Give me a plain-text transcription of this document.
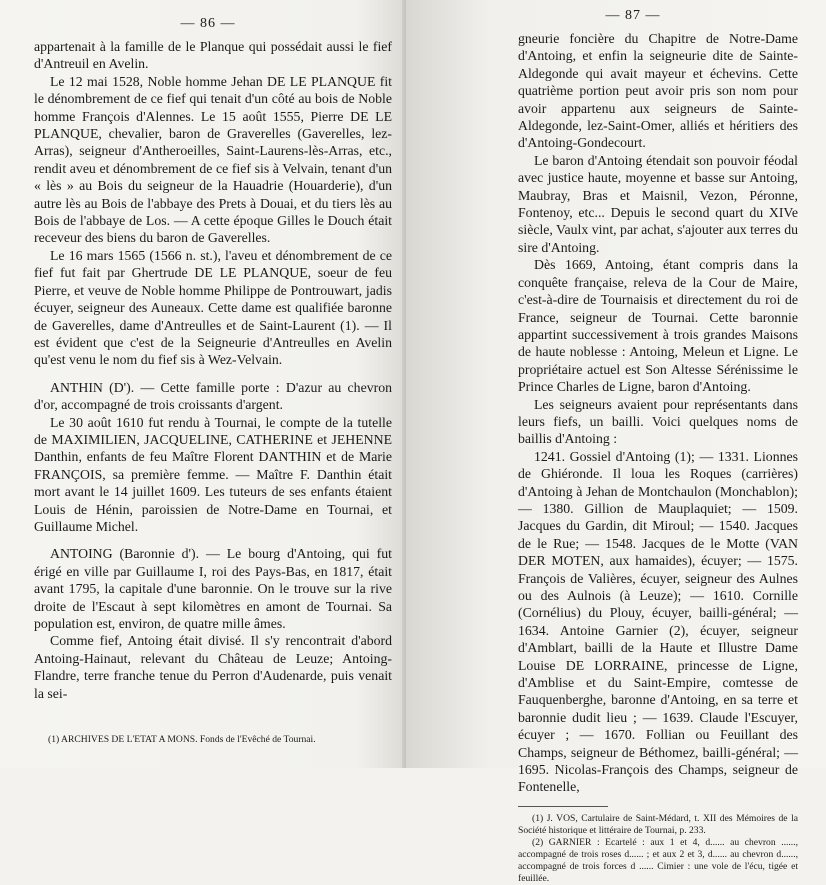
— 86 —

appartenait à la famille de le Planque qui possédait aussi le fief d'Antreuil en Avelin.

Le 12 mai 1528, Noble homme Jehan DE LE PLANQUE fit le dénombrement de ce fief qui tenait d'un côté au bois de Noble homme François d'Alennes. Le 15 août 1555, Pierre DE LE PLANQUE, chevalier, baron de Graverelles (Gaverelles, lez-Arras), seigneur d'Antheroeilles, Saint-Laurens-lès-Arras, etc., rendit aveu et dénombrement de ce fief sis à Velvain, tenant d'un « lès » au Bois du seigneur de la Hauadrie (Houarderie), d'un autre lès au Bois de l'abbaye des Prets à Douai, et du tiers lès au Bois de l'abbaye de Los. — A cette époque Gilles le Douch était receveur des biens du baron de Gaverelles.

Le 16 mars 1565 (1566 n. st.), l'aveu et dénombrement de ce fief fut fait par Ghertrude DE LE PLANQUE, soeur de feu Pierre, et veuve de Noble homme Philippe de Pontrouwart, jadis écuyer, seigneur des Auneaux. Cette dame est qualifiée baronne de Gaverelles, dame d'Antreulles et de Saint-Laurent (1). — Il est évident que c'est de la Seigneurie d'Antreulles en Avelin qu'est venu le nom du fief sis à Wez-Velvain.

ANTHIN (D'). — Cette famille porte : D'azur au chevron d'or, accompagné de trois croissants d'argent.

Le 30 août 1610 fut rendu à Tournai, le compte de la tutelle de MAXIMILIEN, JACQUELINE, CATHERINE et JEHENNE Danthin, enfants de feu Maître Florent DANTHIN et de Marie FRANÇOIS, sa première femme. — Maître F. Danthin était mort avant le 14 juillet 1609. Les tuteurs de ses enfants étaient Louis de Hénin, paroissien de Notre-Dame en Tournai, et Guillaume Michel.

ANTOING (Baronnie d'). — Le bourg d'Antoing, qui fut érigé en ville par Guillaume I, roi des Pays-Bas, en 1817, était avant 1795, la capitale d'une baronnie. On le trouve sur la rive droite de l'Escaut à sept kilomètres en amont de Tournai. Sa population est, environ, de quatre mille âmes.

Comme fief, Antoing était divisé. Il s'y rencontrait d'abord Antoing-Hainaut, relevant du Château de Leuze; Antoing-Flandre, terre franche tenue du Perron d'Audenarde, puis venait la sei-

(1) ARCHIVES DE L'ETAT A MONS. Fonds de l'Evêché de Tournai.

— 87 —

gneurie foncière du Chapitre de Notre-Dame d'Antoing, et enfin la seigneurie dite de Sainte-Aldegonde qui avait mayeur et échevins. Cette quatrième portion peut avoir pris son nom pour avoir appartenu aux seigneurs de Sainte-Aldegonde, lez-Saint-Omer, alliés et héritiers des d'Antoing-Gondecourt.

Le baron d'Antoing étendait son pouvoir féodal avec justice haute, moyenne et basse sur Antoing, Maubray, Bras et Maisnil, Vezon, Péronne, Fontenoy, etc... Depuis le second quart du XIVe siècle, Vaulx vint, par achat, s'ajouter aux terres du sire d'Antoing.

Dès 1669, Antoing, étant compris dans la conquête française, releva de la Cour de Maire, c'est-à-dire de Tournaisis et directement du roi de France, seigneur de Tournai. Cette baronnie appartint successivement à trois grandes Maisons de haute noblesse : Antoing, Meleun et Ligne. Le propriétaire actuel est Son Altesse Sérénissime le Prince Charles de Ligne, baron d'Antoing.

Les seigneurs avaient pour représentants dans leurs fiefs, un bailli. Voici quelques noms de baillis d'Antoing :

1241. Gossiel d'Antoing (1); — 1331. Lionnes de Ghiéronde. Il loua les Roques (carrières) d'Antoing à Jehan de Montchaulon (Monchablon); — 1380. Gillion de Mauplaquiet; — 1509. Jacques du Gardin, dit Miroul; — 1540. Jacques de le Rue; — 1548. Jacques de le Motte (VAN DER MOTEN, aux hamaides), écuyer; — 1575. François de Valières, écuyer, seigneur des Aulnes ou des Aulnois (à Leuze); — 1610. Cornille (Cornélius) du Plouy, écuyer, bailli-général; — 1634. Antoine Garnier (2), écuyer, seigneur d'Amblart, bailli de la Haute et Illustre Dame Louise DE LORRAINE, princesse de Ligne, d'Amblise et du Saint-Empire, comtesse de Fauquenberghe, baronne d'Antoing, en sa terre et baronnie dudit lieu ; — 1639. Claude l'Escuyer, écuyer ; — 1670. Follian ou Feuillant des Champs, seigneur de Béthomez, bailli-général; — 1695. Nicolas-François des Champs, seigneur de Fontenelle,

(1) J. VOS, Cartulaire de Saint-Médard, t. XII des Mémoires de la Société historique et littéraire de Tournai, p. 233.

(2) GARNIER : Ecartelé : aux 1 et 4, d...... au chevron ......, accompagné de trois roses d...... ; et aux 2 et 3, d...... au chevron d......, accompagné de trois forces d ...... Cimier : une vole de l'écu, tigée et feuillée.
